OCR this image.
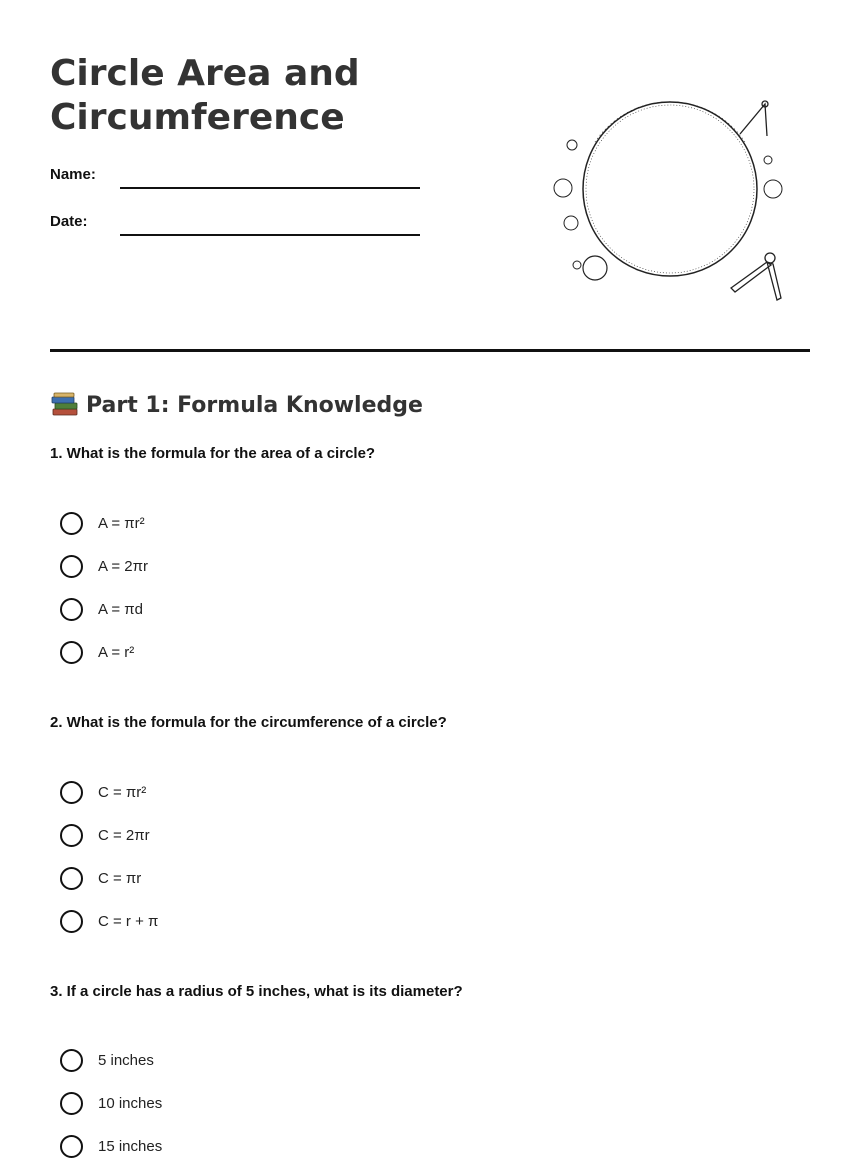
Circle Area and
Circumference
Name:
Date:
Part 1: Formula Knowledge

1. What is the formula for the area of a circle?

A = πr²
A = 2πr
A = πd
A = r²

2. What is the formula for the circumference of a circle?

C = πr²
C = 2πr
C = πr
C = r + π

3. If a circle has a radius of 5 inches, what is its diameter?

5 inches
10 inches
15 inches
